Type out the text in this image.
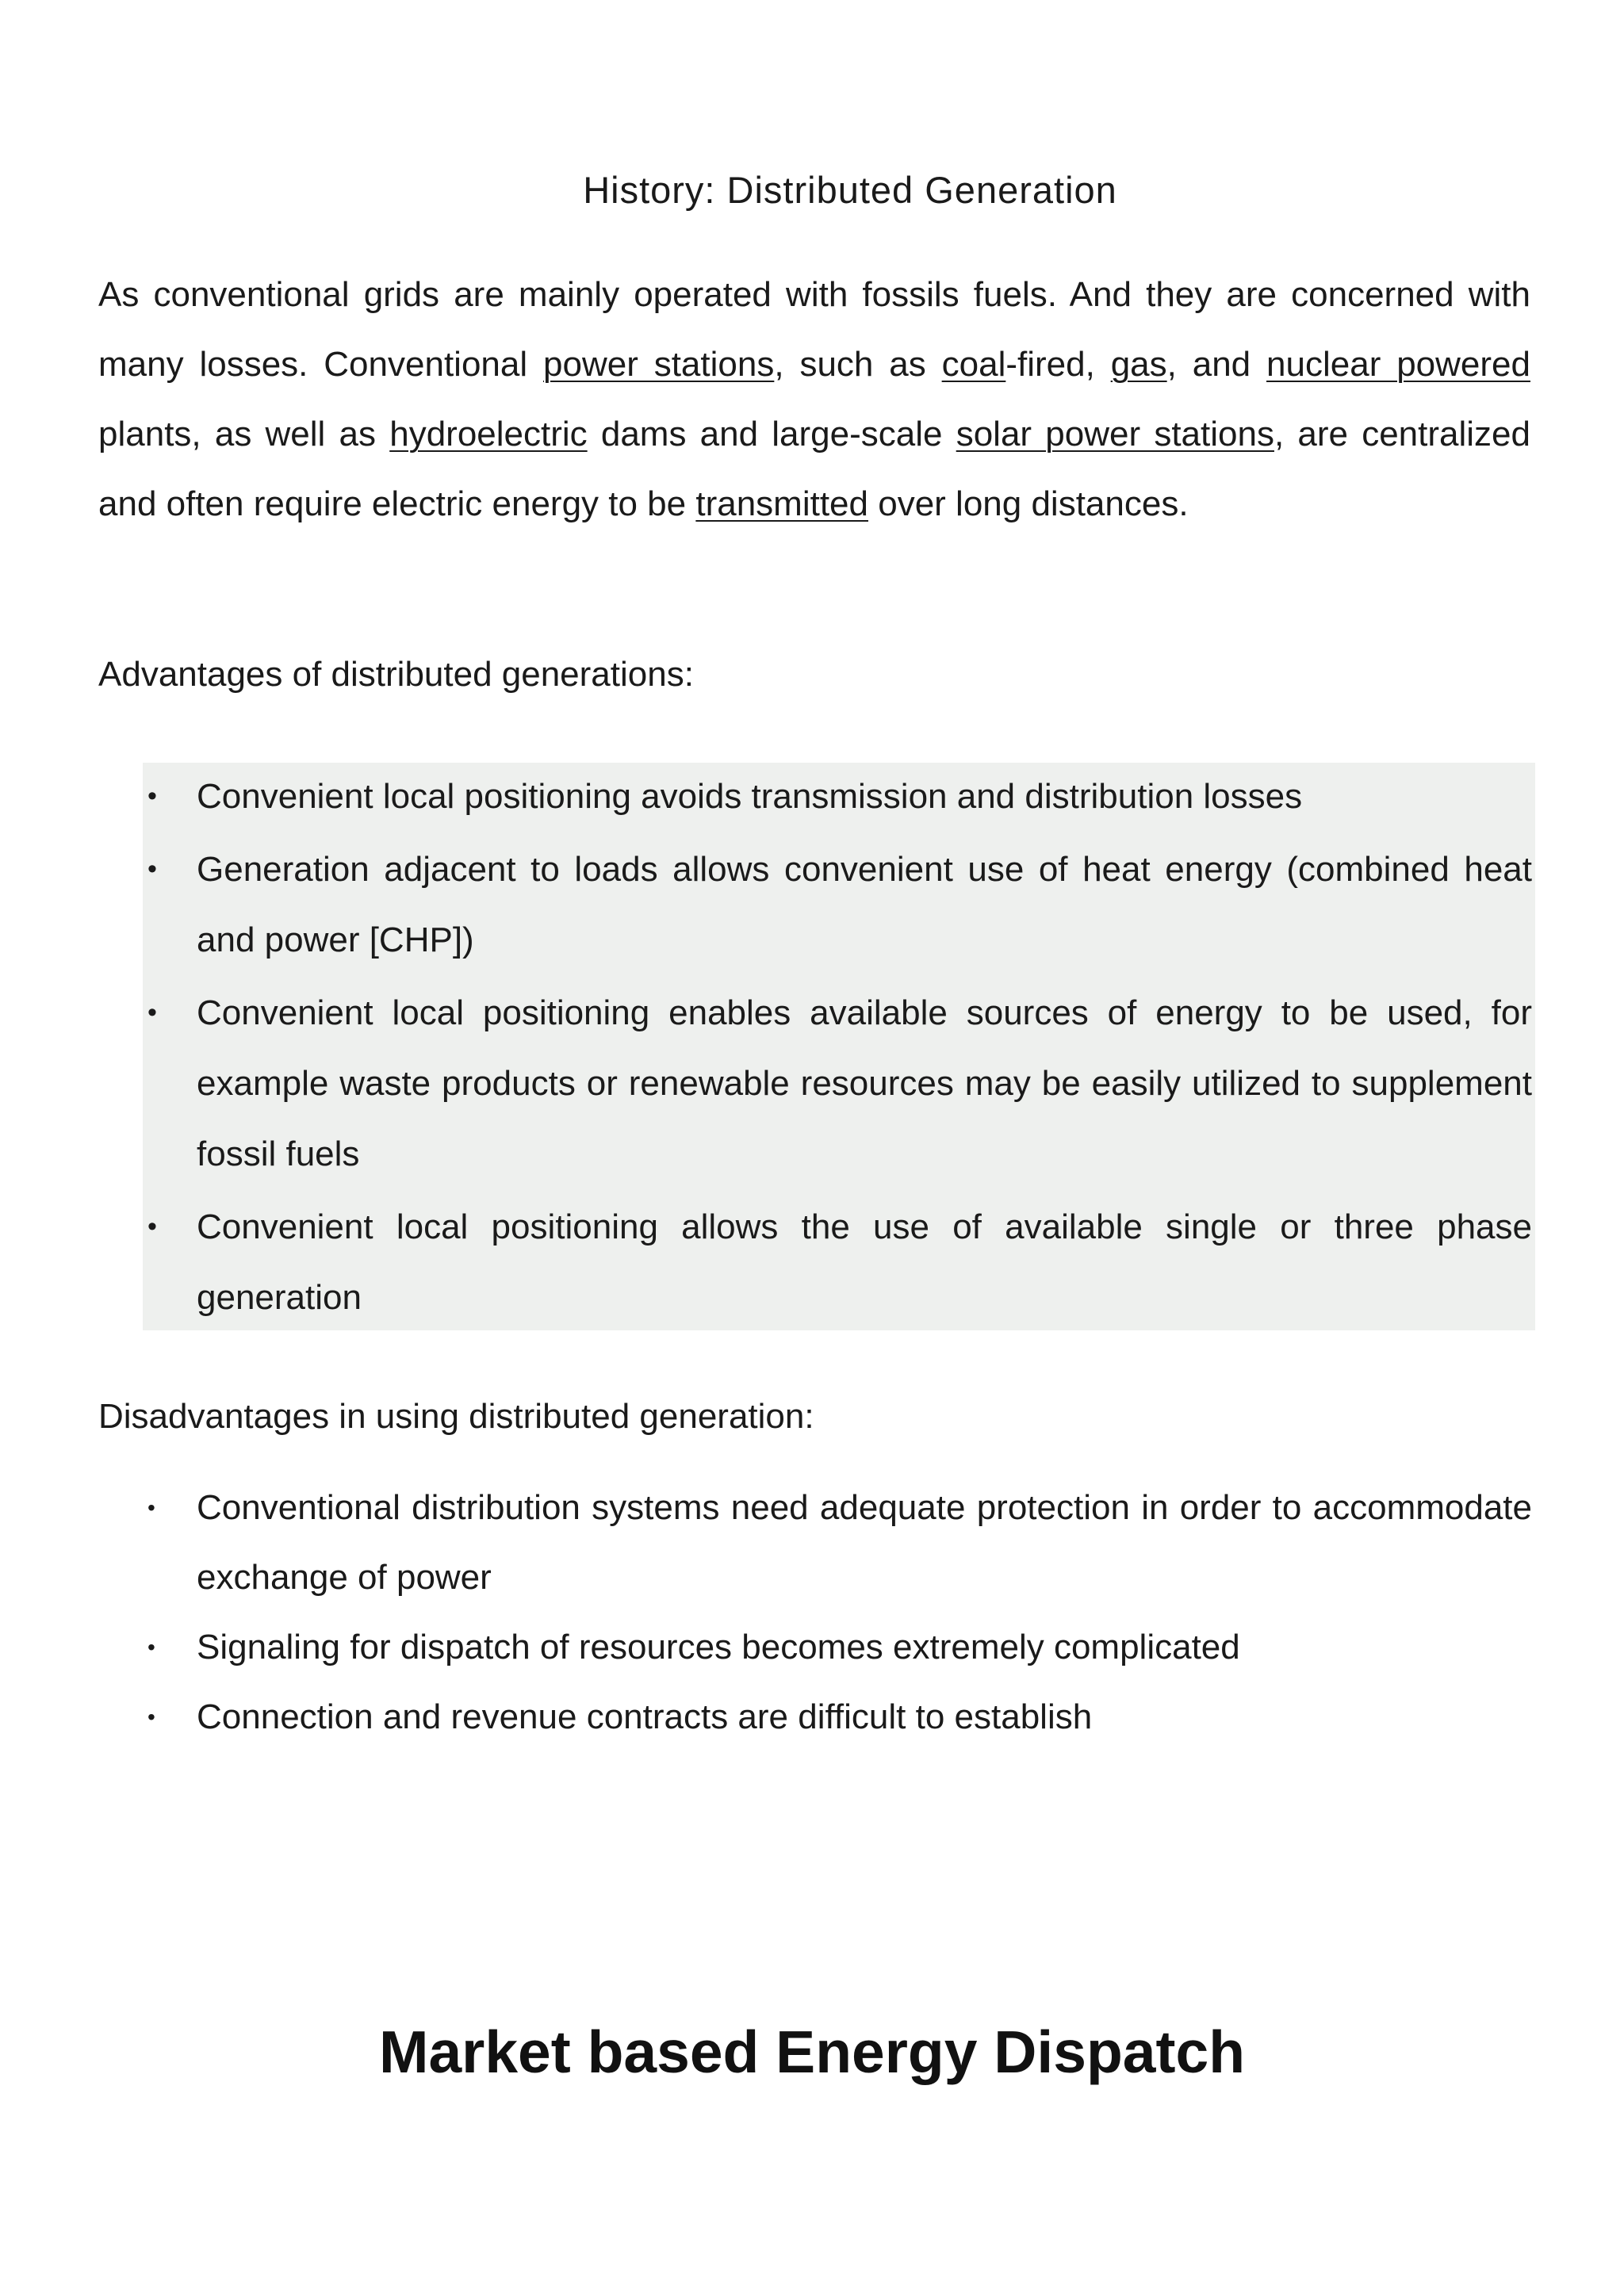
History: Distributed Generation

As conventional grids are mainly operated with fossils fuels. And they are concerned with many losses. Conventional power stations, such as coal-fired, gas, and nuclear powered plants, as well as hydroelectric dams and large-scale solar power stations, are centralized and often require electric energy to be transmitted over long distances.

Advantages of distributed generations:
•	Convenient local positioning avoids transmission and distribution losses
•	Generation adjacent to loads allows convenient use of heat energy (combined heat and power [CHP])
•	Convenient local positioning enables available sources of energy to be used, for example waste products or renewable resources may be easily utilized to supplement fossil fuels
•	Convenient local positioning allows the use of available single or three phase generation
Disadvantages in using distributed generation:
•	Conventional distribution systems need adequate protection in order to accommodate exchange of power
•	Signaling for dispatch of resources becomes extremely complicated
•	Connection and revenue contracts are difficult to establish
Market based Energy Dispatch
